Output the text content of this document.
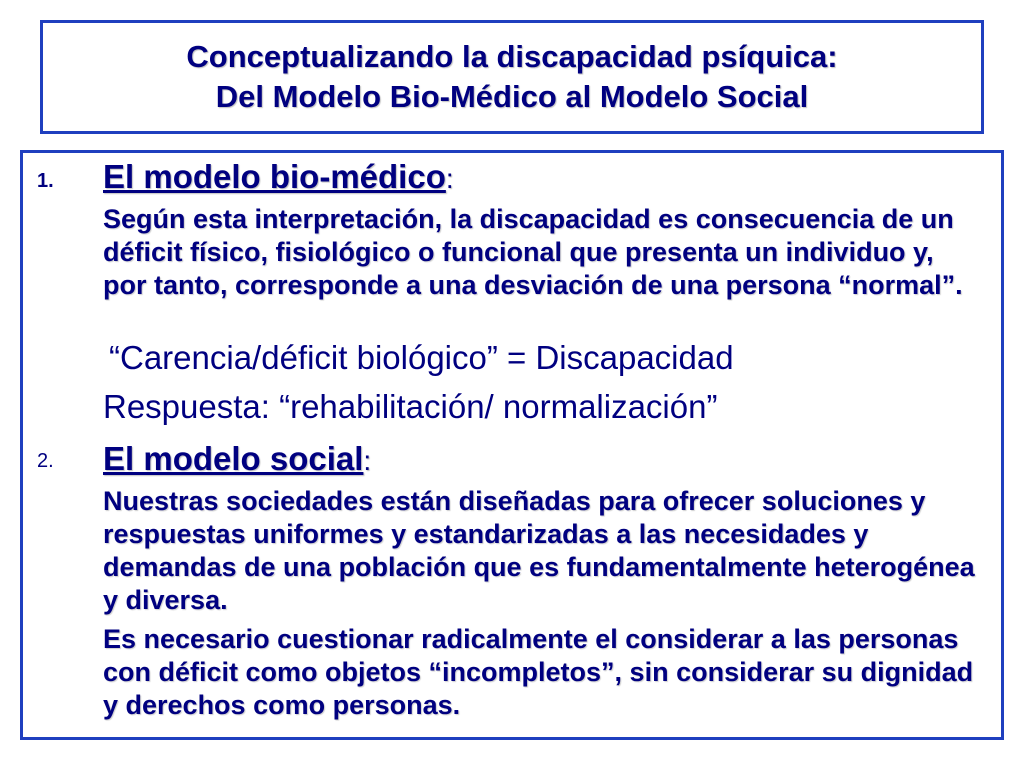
Conceptualizando la discapacidad psíquica:
Del Modelo Bio-Médico al Modelo Social
1. El modelo bio-médico:
Según esta interpretación, la discapacidad es consecuencia de un déficit físico, fisiológico o funcional que presenta un individuo y, por tanto, corresponde a una desviación de una persona “normal”.
“Carencia/déficit biológico” = Discapacidad
Respuesta: “rehabilitación/ normalización”
2. El modelo social:
Nuestras sociedades están diseñadas para ofrecer soluciones y respuestas uniformes y estandarizadas a las necesidades y demandas de una población que es fundamentalmente heterogénea y diversa.
Es necesario cuestionar radicalmente el considerar a las personas con déficit como objetos “incompletos”, sin considerar su dignidad y derechos como personas.
